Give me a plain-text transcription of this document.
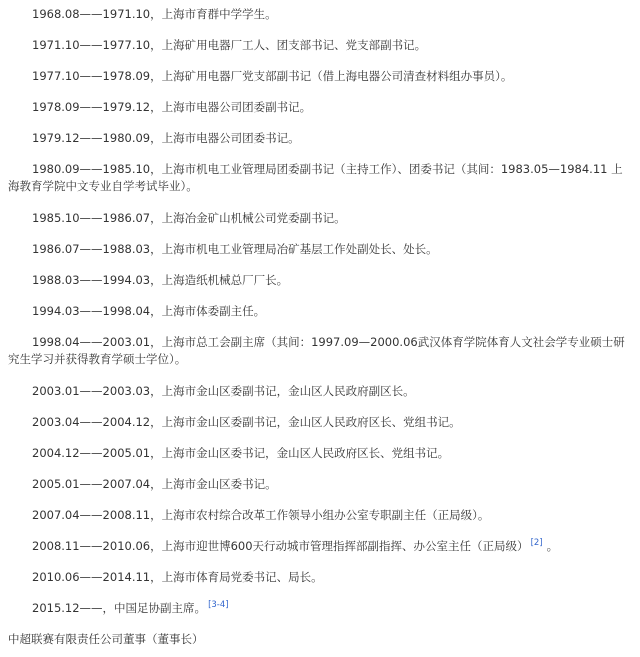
1968.08——1971.10，上海市育群中学学生。
1971.10——1977.10，上海矿用电器厂工人、团支部书记、党支部副书记。
1977.10——1978.09，上海矿用电器厂党支部副书记（借上海电器公司清查材料组办事员）。
1978.09——1979.12，上海市电器公司团委副书记。
1979.12——1980.09，上海市电器公司团委书记。
1980.09——1985.10，上海市机电工业管理局团委副书记（主持工作）、团委书记（其间：1983.05—1984.11 上海教育学院中文专业自学考试毕业）。
1985.10——1986.07，上海冶金矿山机械公司党委副书记。
1986.07——1988.03，上海市机电工业管理局冶矿基层工作处副处长、处长。
1988.03——1994.03，上海造纸机械总厂厂长。
1994.03——1998.04，上海市体委副主任。
1998.04——2003.01，上海市总工会副主席（其间：1997.09—2000.06武汉体育学院体育人文社会学专业硕士研究生学习并获得教育学硕士学位）。
2003.01——2003.03，上海市金山区委副书记，金山区人民政府副区长。
2003.04——2004.12，上海市金山区委副书记，金山区人民政府区长、党组书记。
2004.12——2005.01，上海市金山区委书记，金山区人民政府区长、党组书记。
2005.01——2007.04，上海市金山区委书记。
2007.04——2008.11，上海市农村综合改革工作领导小组办公室专职副主任（正局级）。
2008.11——2010.06，上海市迎世博600天行动城市管理指挥部副指挥、办公室主任（正局级） [2] 。
2010.06——2014.11，上海市体育局党委书记、局长。
2015.12——，中国足协副主席。 [3-4]
中超联赛有限责任公司董事（董事长）
